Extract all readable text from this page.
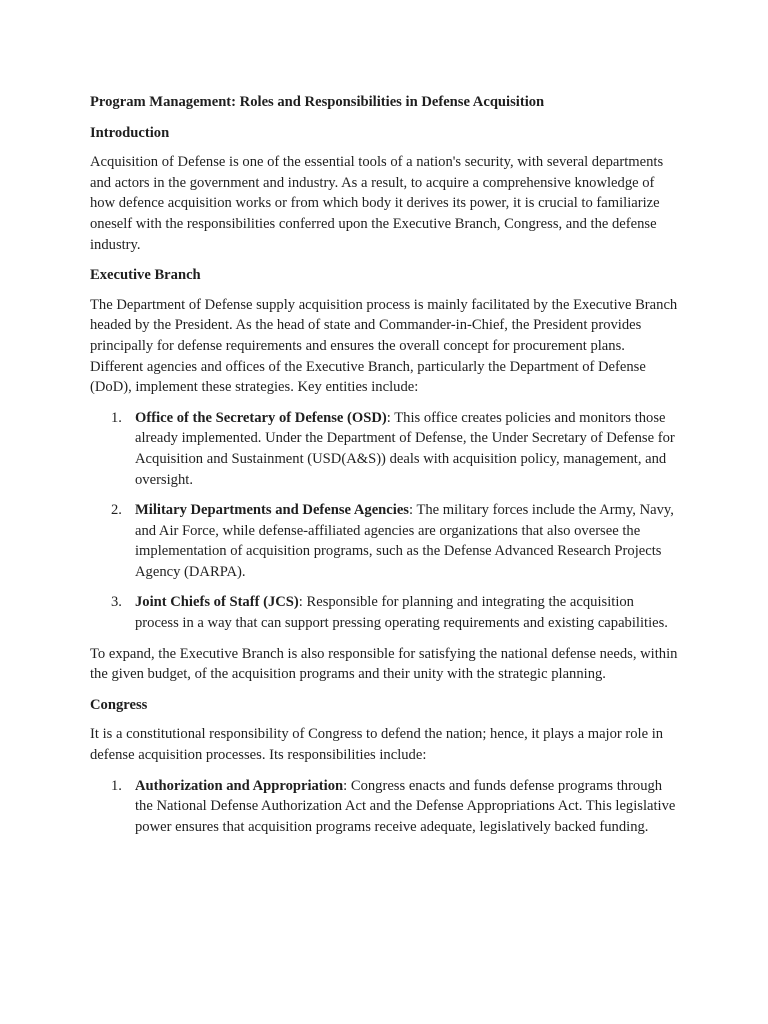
Program Management: Roles and Responsibilities in Defense Acquisition
Introduction

Acquisition of Defense is one of the essential tools of a nation's security, with several departments and actors in the government and industry. As a result, to acquire a comprehensive knowledge of how defence acquisition works or from which body it derives its power, it is crucial to familiarize oneself with the responsibilities conferred upon the Executive Branch, Congress, and the defense industry.

Executive Branch

The Department of Defense supply acquisition process is mainly facilitated by the Executive Branch headed by the President. As the head of state and Commander-in-Chief, the President provides principally for defense requirements and ensures the overall concept for procurement plans. Different agencies and offices of the Executive Branch, particularly the Department of Defense (DoD), implement these strategies. Key entities include:

1. Office of the Secretary of Defense (OSD): This office creates policies and monitors those already implemented. Under the Department of Defense, the Under Secretary of Defense for Acquisition and Sustainment (USD(A&S)) deals with acquisition policy, management, and oversight.
2. Military Departments and Defense Agencies: The military forces include the Army, Navy, and Air Force, while defense-affiliated agencies are organizations that also oversee the implementation of acquisition programs, such as the Defense Advanced Research Projects Agency (DARPA).
3. Joint Chiefs of Staff (JCS): Responsible for planning and integrating the acquisition process in a way that can support pressing operating requirements and existing capabilities.

To expand, the Executive Branch is also responsible for satisfying the national defense needs, within the given budget, of the acquisition programs and their unity with the strategic planning.

Congress

It is a constitutional responsibility of Congress to defend the nation; hence, it plays a major role in defense acquisition processes. Its responsibilities include:

1. Authorization and Appropriation: Congress enacts and funds defense programs through the National Defense Authorization Act and the Defense Appropriations Act. This legislative power ensures that acquisition programs receive adequate, legislatively backed funding.
